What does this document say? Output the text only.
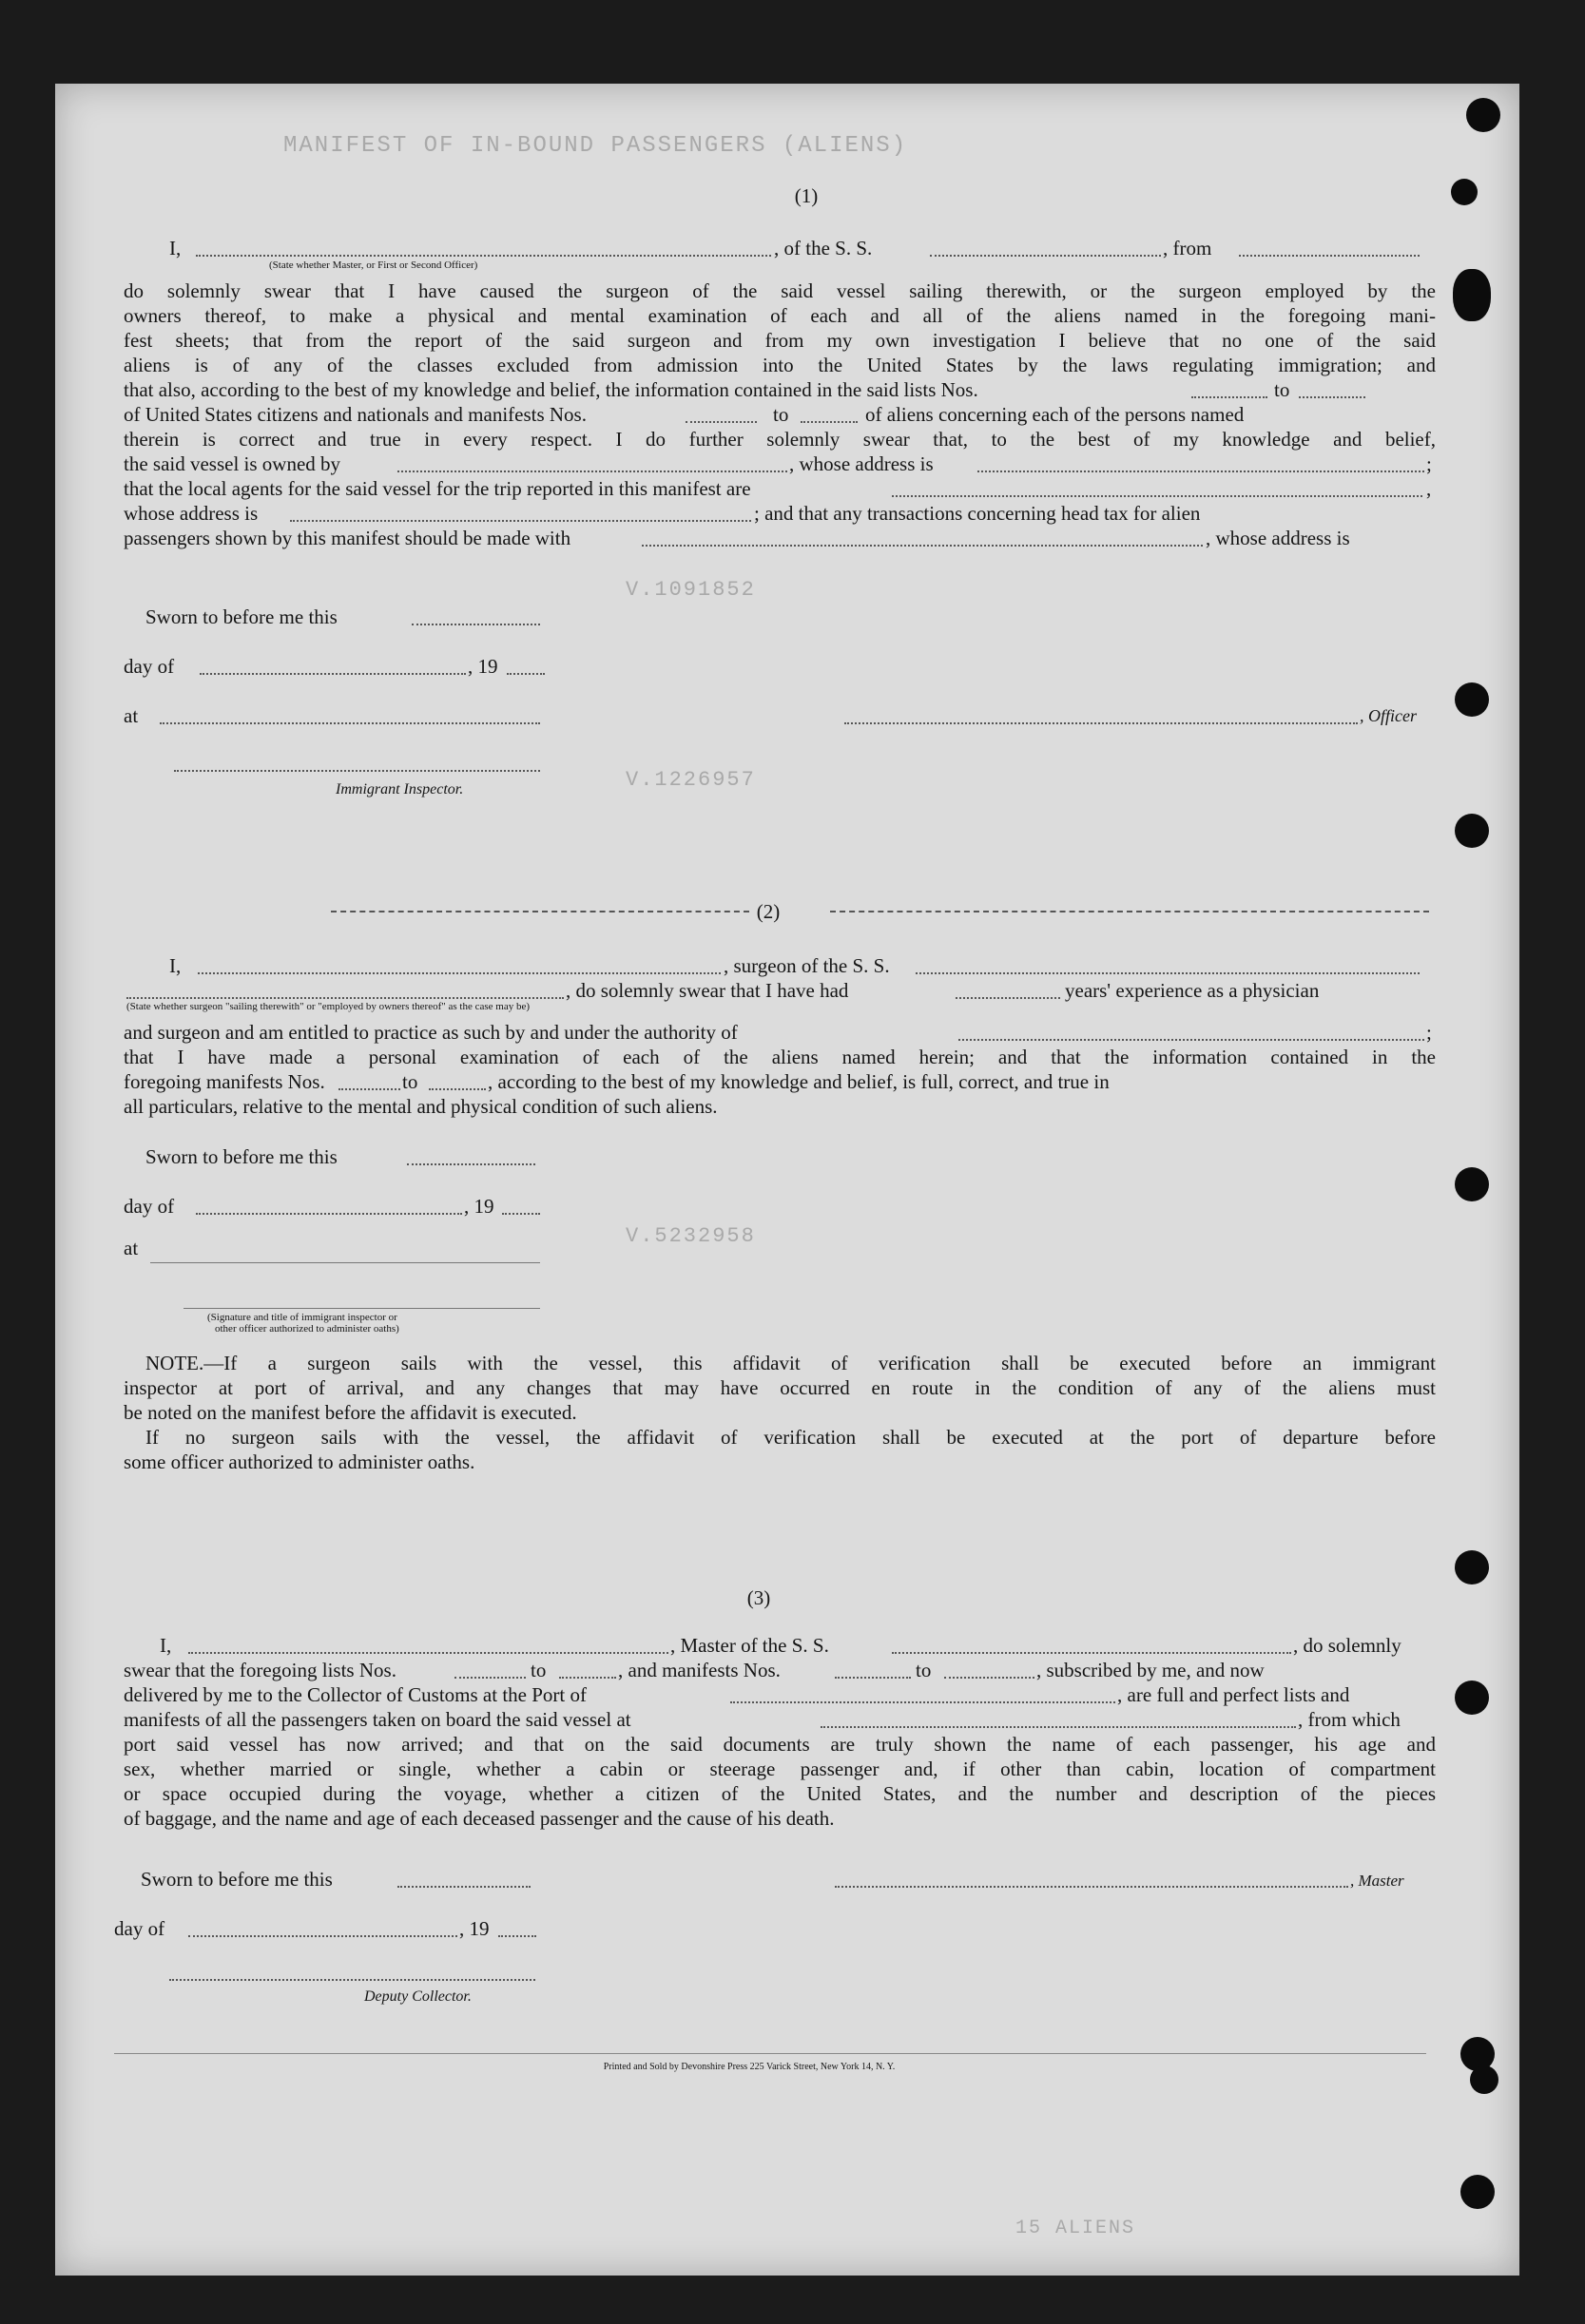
MANIFEST OF IN-BOUND PASSENGERS (ALIENS)
V.1091852
V.1226957
V.5232958
(1)
I,	, of the S. S.	, from
(State whether Master, or First or Second Officer)
do solemnly swear that I have caused the surgeon of the said vessel sailing therewith, or the surgeon employed by the
owners thereof, to make a physical and mental examination of each and all of the aliens named in the foregoing mani-
fest sheets; that from the report of the said surgeon and from my own investigation I believe that no one of the said
aliens is of any of the classes excluded from admission into the United States by the laws regulating immigration; and
that also, according to the best of my knowledge and belief, the information contained in the said lists Nos.	to
of United States citizens and nationals and manifests Nos.	to	of aliens concerning each of the persons named
therein is correct and true in every respect. I do further solemnly swear that, to the best of my knowledge and belief,
the said vessel is owned by	, whose address is	;
that the local agents for the said vessel for the trip reported in this manifest are	,
whose address is	; and that any transactions concerning head tax for alien
passengers shown by this manifest should be made with	, whose address is
Sworn to before me this
day of	, 19
at	, Officer
Immigrant Inspector.
(2)
I,	, surgeon of the S. S.
, do solemnly swear that I have had	years' experience as a physician
(State whether surgeon "sailing therewith" or "employed by owners thereof" as the case may be)
and surgeon and am entitled to practice as such by and under the authority of	;
that I have made a personal examination of each of the aliens named herein; and that the information contained in the
foregoing manifests Nos.	to	, according to the best of my knowledge and belief, is full, correct, and true in
all particulars, relative to the mental and physical condition of such aliens.
Sworn to before me this
day of	, 19
at
(Signature and title of immigrant inspector or
other officer authorized to administer oaths)
NOTE.—If a surgeon sails with the vessel, this affidavit of verification shall be executed before an immigrant
inspector at port of arrival, and any changes that may have occurred en route in the condition of any of the aliens must
be noted on the manifest before the affidavit is executed.
If no surgeon sails with the vessel, the affidavit of verification shall be executed at the port of departure before
some officer authorized to administer oaths.
(3)
I,	, Master of the S. S.	, do solemnly
swear that the foregoing lists Nos.	to	, and manifests Nos.	to	, subscribed by me, and now
delivered by me to the Collector of Customs at the Port of	, are full and perfect lists and
manifests of all the passengers taken on board the said vessel at	, from which
port said vessel has now arrived; and that on the said documents are truly shown the name of each passenger, his age and
sex, whether married or single, whether a cabin or steerage passenger and, if other than cabin, location of compartment
or space occupied during the voyage, whether a citizen of the United States, and the number and description of the pieces
of baggage, and the name and age of each deceased passenger and the cause of his death.
Sworn to before me this	, Master
day of	, 19
Deputy Collector.
Printed and Sold by Devonshire Press 225 Varick Street, New York 14, N. Y.
15 ALIENS
